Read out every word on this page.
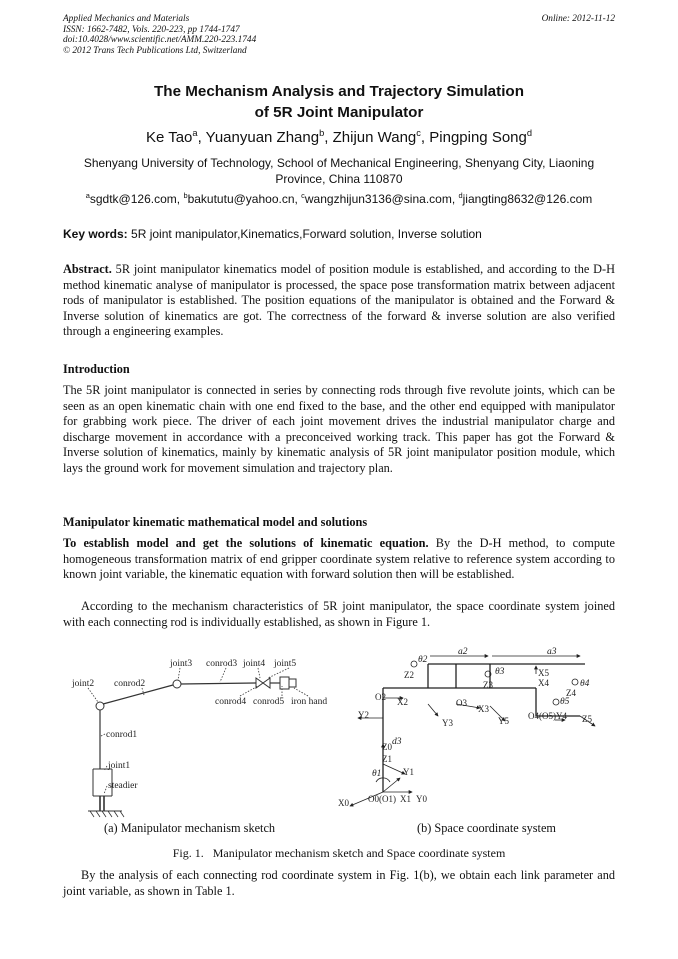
Applied Mechanics and Materials
ISSN: 1662-7482, Vols. 220-223, pp 1744-1747
doi:10.4028/www.scientific.net/AMM.220-223.1744
© 2012 Trans Tech Publications Ltd, Switzerland
Online: 2012-11-12
The Mechanism Analysis and Trajectory Simulation
of 5R Joint Manipulator
Ke Tao$^a$, Yuanyuan Zhang$^b$, Zhijun Wang$^c$, Pingping Song$^d$
Shenyang University of Technology, School of Mechanical Engineering, Shenyang City, Liaoning
Province, China 110870
$^a$sgdtk@126.com, $^b$bakututu@yahoo.cn, $^c$wangzhijun3136@sina.com, $^d$jiangting8632@126.com
Key words: 5R joint manipulator,Kinematics,Forward solution, Inverse solution
Abstract. 5R joint manipulator kinematics model of position module is established, and according to the D-H method kinematic analyse of manipulator is processed, the space pose transformation matrix between adjacent rods of manipulator is established. The position equations of the manipulator is obtained and the Forward & Inverse solution of kinematics are got. The correctness of the forward & inverse solution are also verified through a engineering examples.
Introduction
The 5R joint manipulator is connected in series by connecting rods through five revolute joints, which can be seen as an open kinematic chain with one end fixed to the base, and the other end equipped with manipulator for grabbing work piece. The driver of each joint movement drives the industrial manipulator charge and discharge movement in accordance with a preconceived working track. This paper has got the Forward & Inverse solution of kinematics, mainly by kinematic analysis of 5R joint manipulator position module, which lays the ground work for movement simulation and trajectory plan.
Manipulator kinematic mathematical model and solutions
To establish model and get the solutions of kinematic equation. By the D-H method, to compute homogeneous transformation matrix of end gripper coordinate system relative to reference system according to known joint variable, the kinematic equation with forward solution then will be established.
According to the mechanism characteristics of 5R joint manipulator, the space coordinate system joined with each connecting rod is individually established, as shown in Figure 1.
joint3 conrod3 joint4 joint5
joint2 conrod2
conrod4 conrod5 iron hand
conrod1
joint1
steadier
θ2
a2	a3
θ3
θ4
θ5
d3
θ1
Z2	X5
X4
Z3
Z4
O2 X2	O3
X3
O4(O5) Y4 Z5
Y2
Y3	Y5
Z0
Z1
Y1
X0 O0(O1) X1 Y0
(a) Manipulator mechanism sketch	(b) Space coordinate system
Fig. 1.   Manipulator mechanism sketch and Space coordinate system
By the analysis of each connecting rod coordinate system in Fig. 1(b), we obtain each link parameter and joint variable, as shown in Table 1.
